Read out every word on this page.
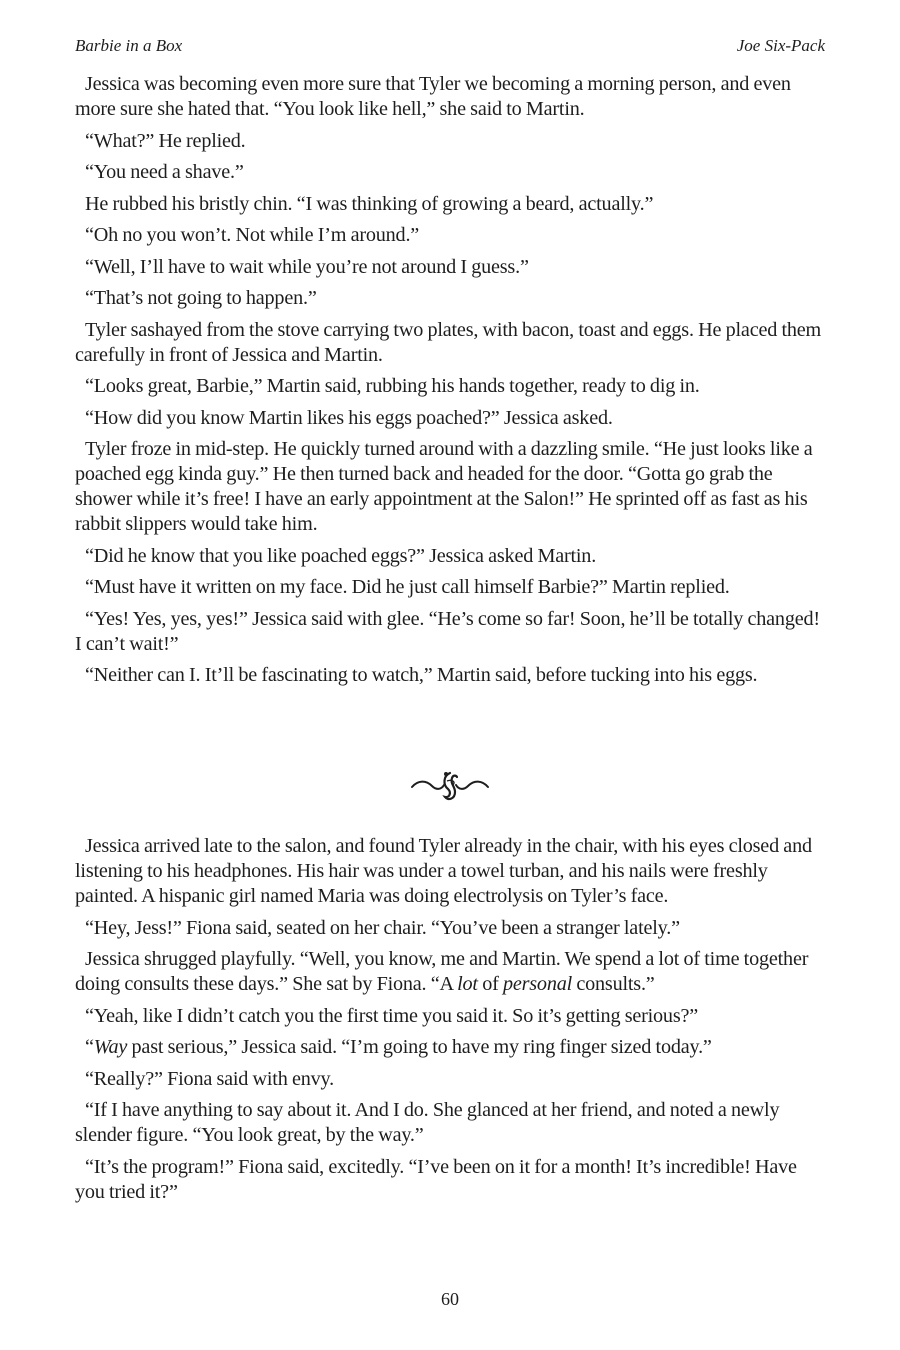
Barbie in a Box	Joe Six-Pack

Jessica was becoming even more sure that Tyler we becoming a morning person, and even more sure she hated that. “You look like hell,” she said to Martin.

“What?” He replied.

“You need a shave.”

He rubbed his bristly chin. “I was thinking of growing a beard, actually.”

“Oh no you won’t. Not while I’m around.”

“Well, I’ll have to wait while you’re not around I guess.”

“That’s not going to happen.”

Tyler sashayed from the stove carrying two plates, with bacon, toast and eggs. He placed them carefully in front of Jessica and Martin.

“Looks great, Barbie,” Martin said, rubbing his hands together, ready to dig in.

“How did you know Martin likes his eggs poached?” Jessica asked.

Tyler froze in mid-step. He quickly turned around with a dazzling smile. “He just looks like a poached egg kinda guy.” He then turned back and headed for the door. “Gotta go grab the shower while it’s free! I have an early appointment at the Salon!” He sprinted off as fast as his rabbit slippers would take him.

“Did he know that you like poached eggs?” Jessica asked Martin.

“Must have it written on my face. Did he just call himself Barbie?” Martin replied.

“Yes! Yes, yes, yes!” Jessica said with glee. “He’s come so far! Soon, he’ll be totally changed! I can’t wait!”

“Neither can I. It’ll be fascinating to watch,” Martin said, before tucking into his eggs.

Jessica arrived late to the salon, and found Tyler already in the chair, with his eyes closed and listening to his headphones. His hair was under a towel turban, and his nails were freshly painted. A hispanic girl named Maria was doing electrolysis on Tyler’s face.

“Hey, Jess!” Fiona said, seated on her chair. “You’ve been a stranger lately.”

Jessica shrugged playfully. “Well, you know, me and Martin. We spend a lot of time together doing consults these days.” She sat by Fiona. “A lot of personal consults.”

“Yeah, like I didn’t catch you the first time you said it. So it’s getting serious?”

“Way past serious,” Jessica said. “I’m going to have my ring finger sized today.”

“Really?” Fiona said with envy.

“If I have anything to say about it. And I do. She glanced at her friend, and noted a newly slender figure. “You look great, by the way.”

“It’s the program!” Fiona said, excitedly. “I’ve been on it for a month! It’s incredible! Have you tried it?”

60
